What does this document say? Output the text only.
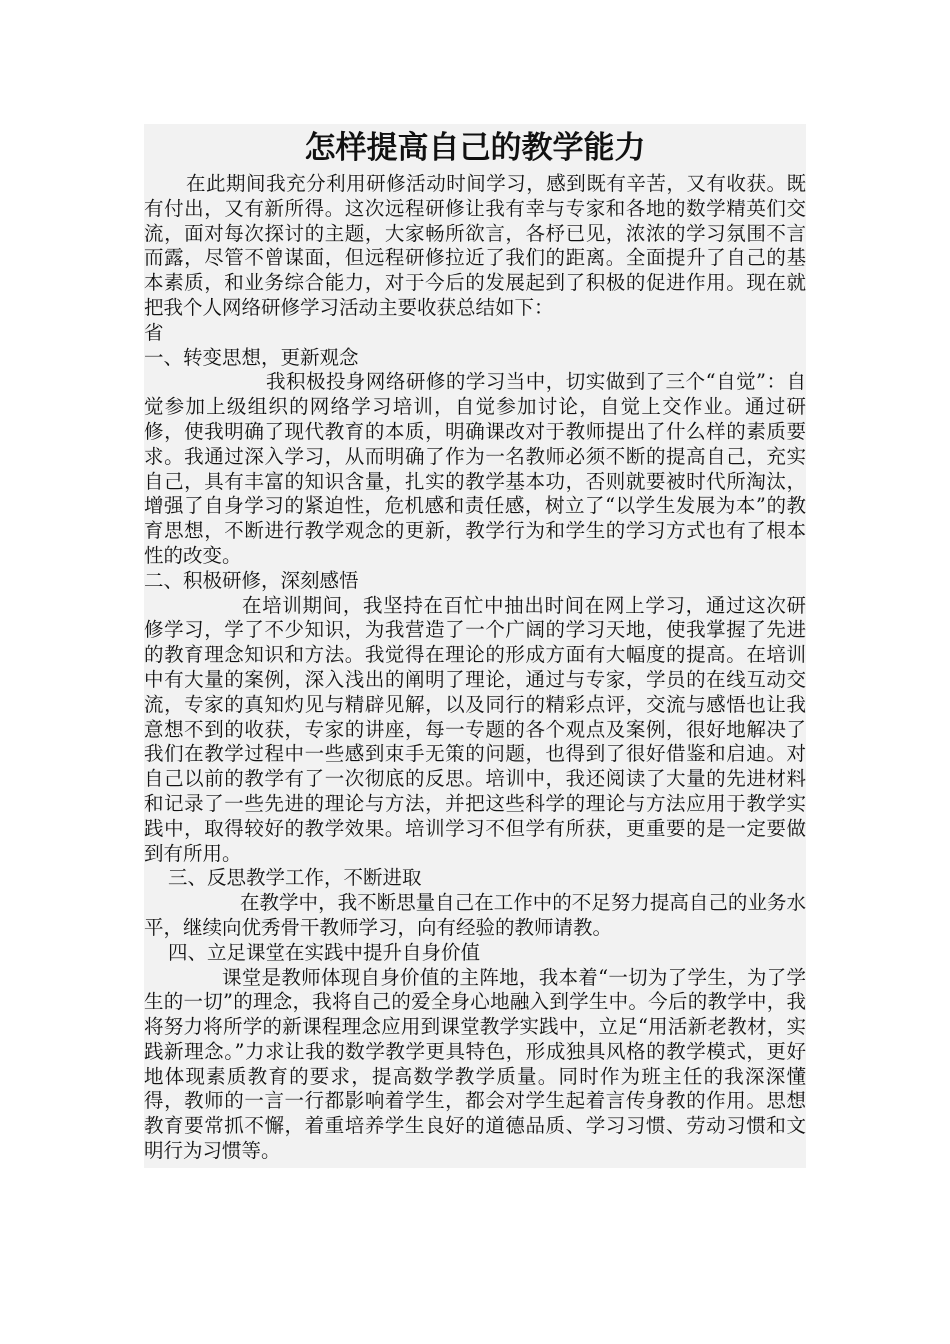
怎样提高自己的教学能力

在此期间我充分利用研修活动时间学习，感到既有辛苦，又有收获。既有付出，又有新所得。这次远程研修让我有幸与专家和各地的数学精英们交流，面对每次探讨的主题，大家畅所欲言，各杼已见，浓浓的学习氛围不言而露，尽管不曾谋面，但远程研修拉近了我们的距离。全面提升了自己的基本素质，和业务综合能力，对于今后的发展起到了积极的促进作用。现在就把我个人网络研修学习活动主要收获总结如下：

省

一、转变思想，更新观念

我积极投身网络研修的学习当中，切实做到了三个“自觉”：自觉参加上级组织的网络学习培训，自觉参加讨论，自觉上交作业。通过研修，使我明确了现代教育的本质，明确课改对于教师提出了什么样的素质要求。我通过深入学习，从而明确了作为一名教师必须不断的提高自己，充实自己，具有丰富的知识含量，扎实的教学基本功，否则就要被时代所淘汰，增强了自身学习的紧迫性，危机感和责任感，树立了“以学生发展为本”的教育思想，不断进行教学观念的更新，教学行为和学生的学习方式也有了根本性的改变。

二、积极研修，深刻感悟

在培训期间，我坚持在百忙中抽出时间在网上学习，通过这次研修学习，学了不少知识，为我营造了一个广阔的学习天地，使我掌握了先进的教育理念知识和方法。我觉得在理论的形成方面有大幅度的提高。在培训中有大量的案例，深入浅出的阐明了理论，通过与专家，学员的在线互动交流，专家的真知灼见与精辟见解，以及同行的精彩点评，交流与感悟也让我意想不到的收获，专家的讲座，每一专题的各个观点及案例，很好地解决了我们在教学过程中一些感到束手无策的问题，也得到了很好借鉴和启迪。对自己以前的教学有了一次彻底的反思。培训中，我还阅读了大量的先进材料和记录了一些先进的理论与方法，并把这些科学的理论与方法应用于教学实践中，取得较好的教学效果。培训学习不但学有所获，更重要的是一定要做到有所用。

三、反思教学工作，不断进取

在教学中，我不断思量自己在工作中的不足努力提高自己的业务水平，继续向优秀骨干教师学习，向有经验的教师请教。

四、立足课堂在实践中提升自身价值

课堂是教师体现自身价值的主阵地，我本着“一切为了学生，为了学生的一切”的理念，我将自己的爱全身心地融入到学生中。今后的教学中，我将努力将所学的新课程理念应用到课堂教学实践中，立足“用活新老教材，实践新理念。”力求让我的数学教学更具特色，形成独具风格的教学模式，更好地体现素质教育的要求，提高数学教学质量。同时作为班主任的我深深懂得，教师的一言一行都影响着学生，都会对学生起着言传身教的作用。思想教育要常抓不懈，着重培养学生良好的道德品质、学习习惯、劳动习惯和文明行为习惯等。
